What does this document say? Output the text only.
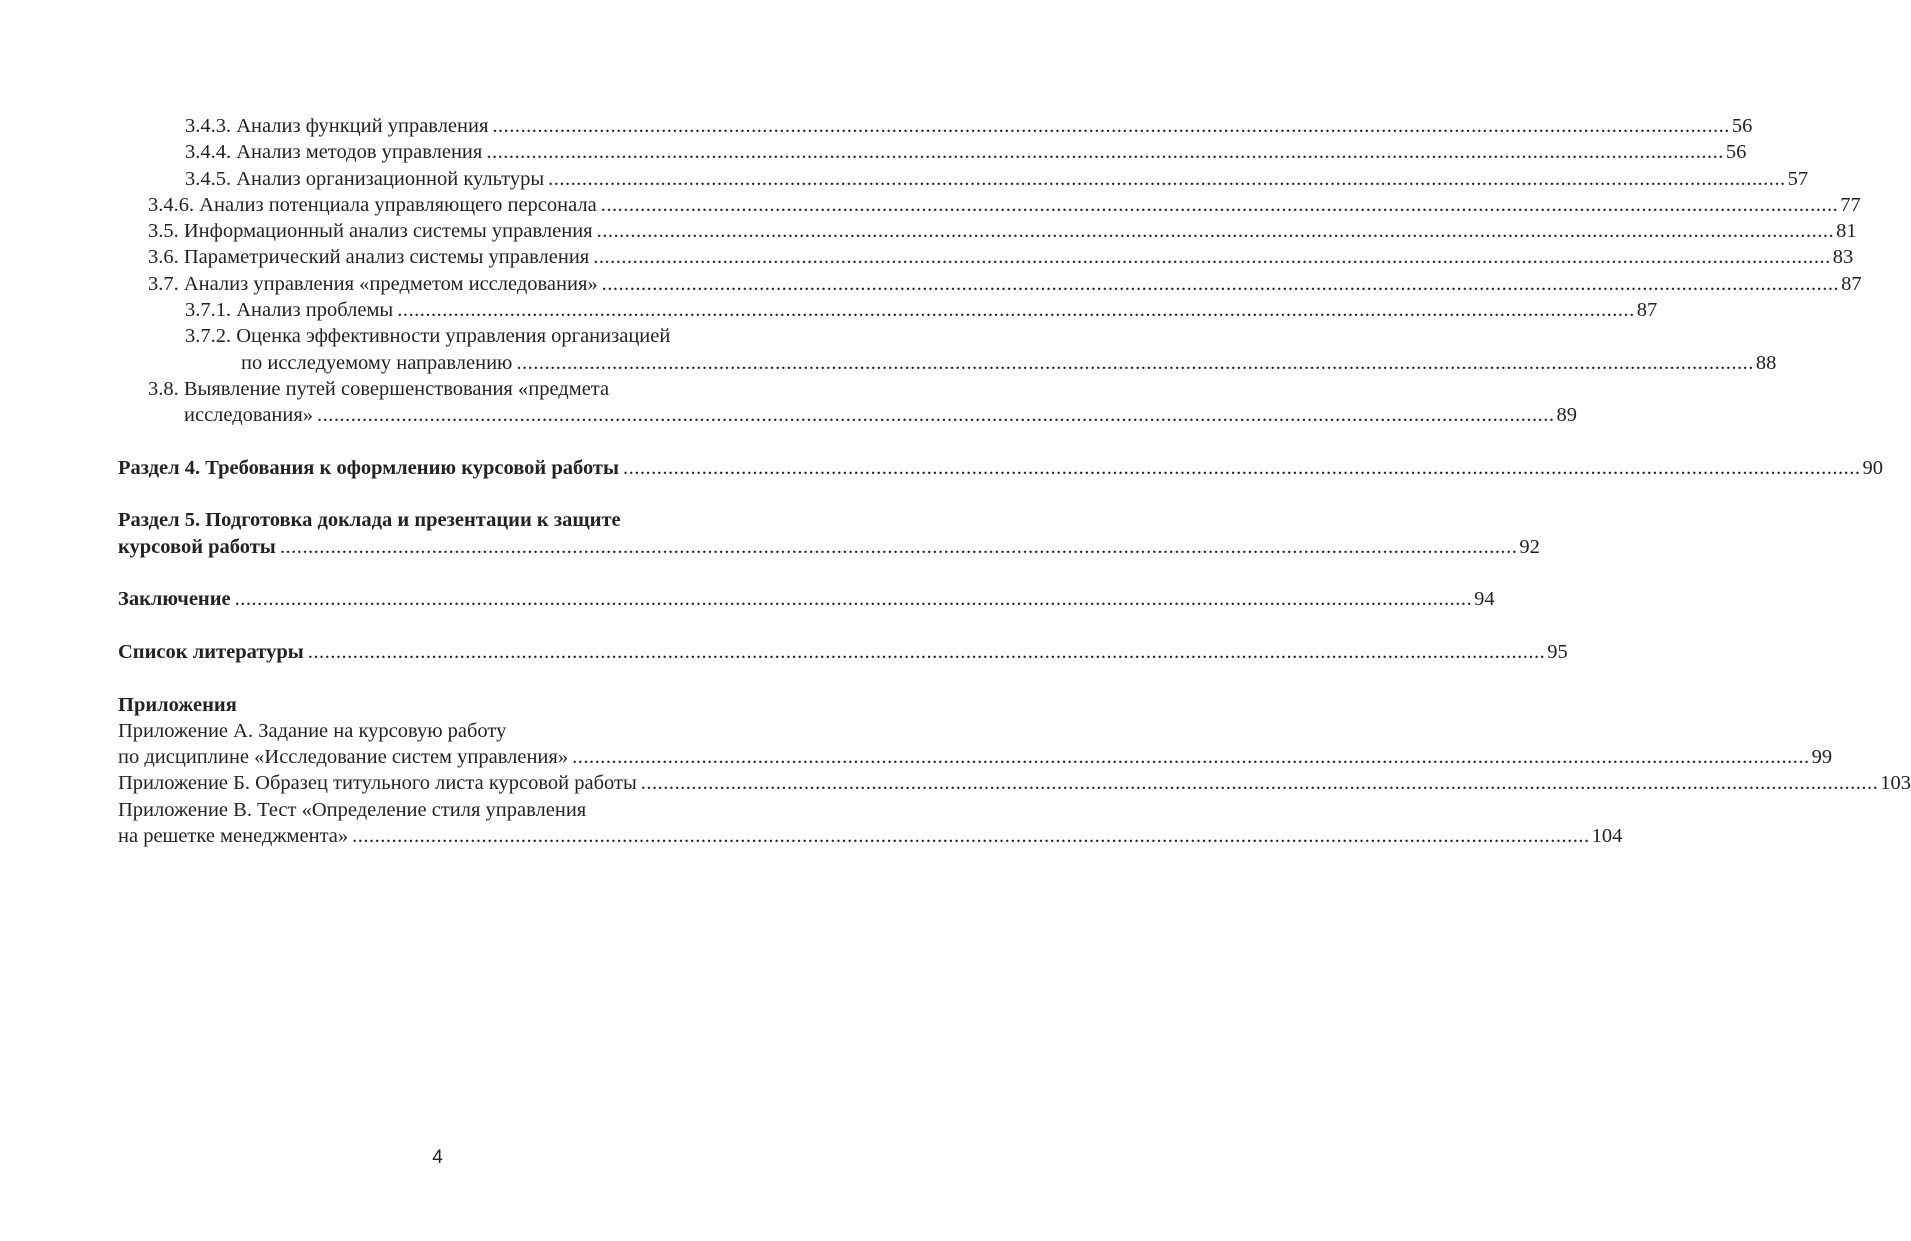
3.4.3. Анализ функций управления ............................................................................................................................................................................................................................ 56
3.4.4. Анализ методов управления ............................................................................................................................................................................................................................ 56
3.4.5. Анализ организационной культуры ............................................................................................................................................................................................................................ 57
3.4.6. Анализ потенциала управляющего персонала ............................................................................................................................................................................................................................ 77
3.5. Информационный анализ системы управления ............................................................................................................................................................................................................................ 81
3.6. Параметрический анализ системы управления ............................................................................................................................................................................................................................ 83
3.7. Анализ управления «предметом исследования» ............................................................................................................................................................................................................................ 87
3.7.1. Анализ проблемы ............................................................................................................................................................................................................................ 87
3.7.2. Оценка эффективности управления организацией
по исследуемому направлению ............................................................................................................................................................................................................................ 88
3.8. Выявление путей совершенствования «предмета
исследования» ............................................................................................................................................................................................................................ 89
Раздел 4. Требования к оформлению курсовой работы ............................................................................................................................................................................................................................ 90
Раздел 5. Подготовка доклада и презентации к защите
курсовой работы ............................................................................................................................................................................................................................ 92
Заключение ............................................................................................................................................................................................................................ 94
Список литературы ............................................................................................................................................................................................................................ 95
Приложения
Приложение А. Задание на курсовую работу
по дисциплине «Исследование систем управления» ............................................................................................................................................................................................................................ 99
Приложение Б. Образец титульного листа курсовой работы ............................................................................................................................................................................................................................ 103
Приложение В. Тест «Определение стиля управления
на решетке менеджмента» ............................................................................................................................................................................................................................ 104
4
